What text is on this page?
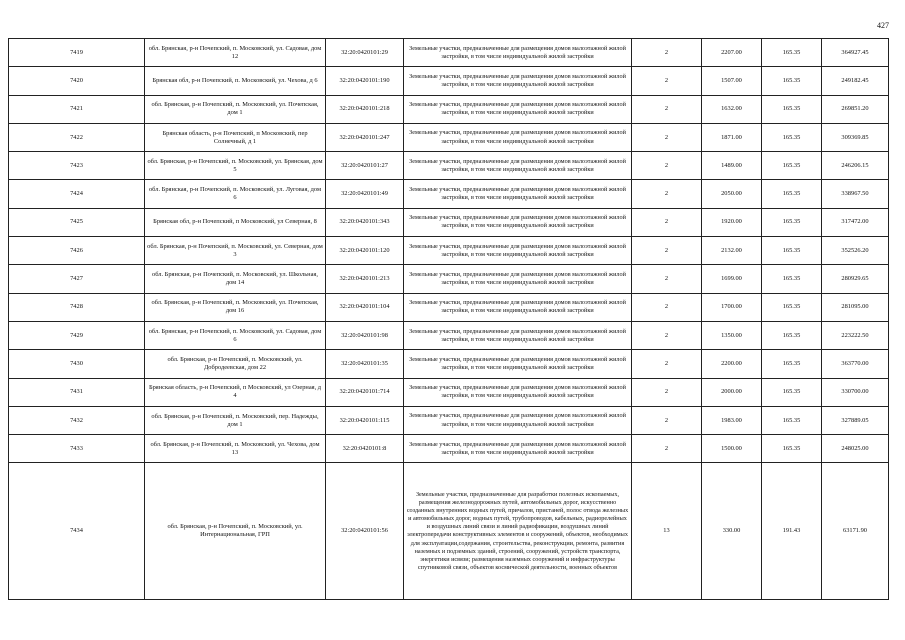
427
7419	обл. Брянская, р-н Почепский, п. Московский, ул. Садовая, дом 12	32:20:0420101:29	Земельные участки, предназначенные для размещения домов малоэтажной жилой застройки, в том числе индивидуальной жилой застройки	2	2207.00	165.35	364927.45
7420	Брянская обл, р-н Почепский, п. Московский, ул. Чехова, д 6	32:20:0420101:190	Земельные участки, предназначенные для размещения домов малоэтажной жилой застройки, в том числе индивидуальной жилой застройки	2	1507.00	165.35	249182.45
7421	обл. Брянская, р-н Почепский, п. Московский, ул. Почепская, дом 1	32:20:0420101:218	Земельные участки, предназначенные для размещения домов малоэтажной жилой застройки, в том числе индивидуальной жилой застройки	2	1632.00	165.35	269851.20
7422	Брянская область, р-н Почепский, п Московский, пер Солнечный, д 1	32:20:0420101:247	Земельные участки, предназначенные для размещения домов малоэтажной жилой застройки, в том числе индивидуальной жилой застройки	2	1871.00	165.35	309369.85
7423	обл. Брянская, р-н Почепский, п. Московский, ул. Брянская, дом 5	32:20:0420101:27	Земельные участки, предназначенные для размещения домов малоэтажной жилой застройки, в том числе индивидуальной жилой застройки	2	1489.00	165.35	246206.15
7424	обл. Брянская, р-н Почепский, п. Московский, ул. Луговая, дом 6	32:20:0420101:49	Земельные участки, предназначенные для размещения домов малоэтажной жилой застройки, в том числе индивидуальной жилой застройки	2	2050.00	165.35	338967.50
7425	Брянская обл, р-н Почепский, п Московский, ул Северная, 8	32:20:0420101:343	Земельные участки, предназначенные для размещения домов малоэтажной жилой застройки, в том числе индивидуальной жилой застройки	2	1920.00	165.35	317472.00
7426	обл. Брянская, р-н Почепский, п. Московский, ул. Северная, дом 3	32:20:0420101:120	Земельные участки, предназначенные для размещения домов малоэтажной жилой застройки, в том числе индивидуальной жилой застройки	2	2132.00	165.35	352526.20
7427	обл. Брянская, р-н Почепский, п. Московский, ул. Школьная, дом 14	32:20:0420101:213	Земельные участки, предназначенные для размещения домов малоэтажной жилой застройки, в том числе индивидуальной жилой застройки	2	1699.00	165.35	280929.65
7428	обл. Брянская, р-н Почепский, п. Московский, ул. Почепская, дом 16	32:20:0420101:104	Земельные участки, предназначенные для размещения домов малоэтажной жилой застройки, в том числе индивидуальной жилой застройки	2	1700.00	165.35	281095.00
7429	обл. Брянская, р-н Почепский, п. Московский, ул. Садовая, дом 6	32:20:0420101:98	Земельные участки, предназначенные для размещения домов малоэтажной жилой застройки, в том числе индивидуальной жилой застройки	2	1350.00	165.35	223222.50
7430	обл. Брянская, р-н Почепский, п. Московский, ул. Добродеевская, дом 22	32:20:0420101:35	Земельные участки, предназначенные для размещения домов малоэтажной жилой застройки, в том числе индивидуальной жилой застройки	2	2200.00	165.35	363770.00
7431	Брянская область, р-н Почепский, п Московский, ул Озерная, д 4	32:20:0420101:714	Земельные участки, предназначенные для размещения домов малоэтажной жилой застройки, в том числе индивидуальной жилой застройки	2	2000.00	165.35	330700.00
7432	обл. Брянская, р-н Почепский, п. Московский, пер. Надежды, дом 1	32:20:0420101:115	Земельные участки, предназначенные для размещения домов малоэтажной жилой застройки, в том числе индивидуальной жилой застройки	2	1983.00	165.35	327889.05
7433	обл. Брянская, р-н Почепский, п. Московский, ул. Чехова, дом 13	32:20:0420101:8	Земельные участки, предназначенные для размещения домов малоэтажной жилой застройки, в том числе индивидуальной жилой застройки	2	1500.00	165.35	248025.00
7434	обл. Брянская, р-н Почепский, п. Московский, ул. Интернациональная, ГРП	32:20:0420101:56	Земельные участки, предназначенные для разработки полезных ископаемых, размещения железнодорожных путей, автомобильных дорог, искусственно созданных внутренних водных путей, причалов, пристаней, полос отвода железных и автомобильных дорог, водных путей, трубопроводов, кабельных, радиорелейных и воздушных линий связи и линий радиофикации, воздушных линий электропередачи конструктивных элементов и сооружений, объектов, необходимых для эксплуатации,содержания, строительства, реконструкции, ремонта, развития наземных и подземных зданий, строений, сооружений, устройств транспорта, энергетики исвязи; размещения наземных сооружений и инфраструктуры спутниковой связи, объектов космической деятельности, военных объектов	13	330.00	191.43	63171.90
